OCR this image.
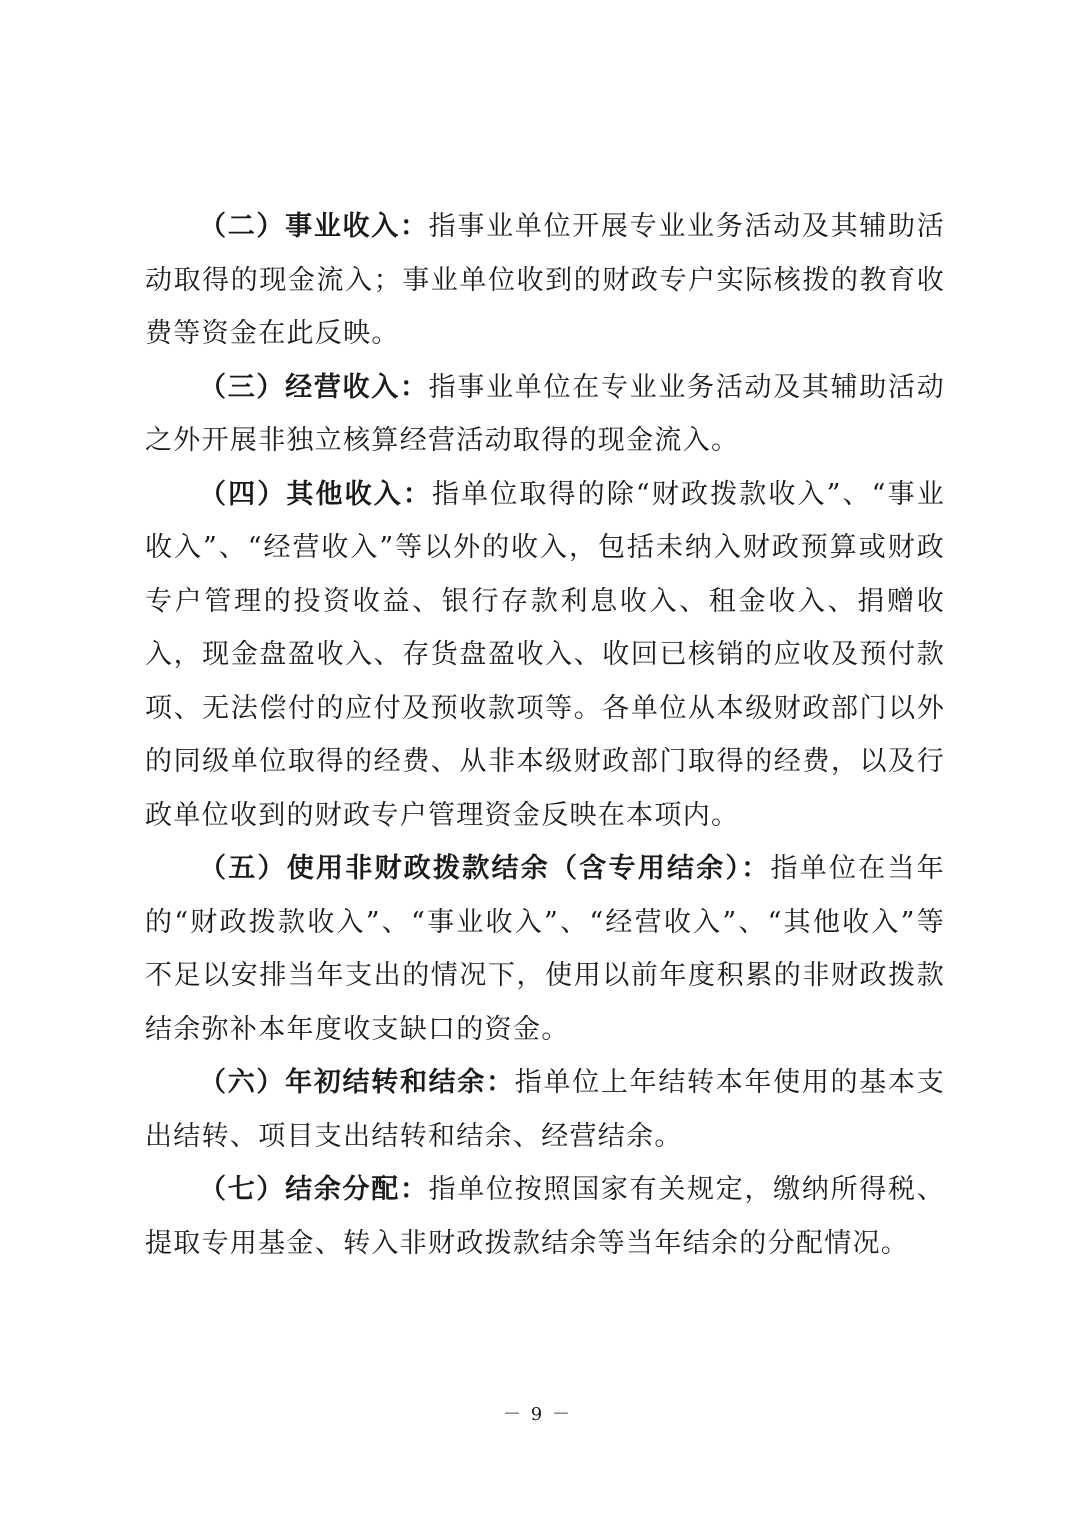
（二）事业收入：指事业单位开展专业业务活动及其辅助活动取得的现金流入；事业单位收到的财政专户实际核拨的教育收费等资金在此反映。

（三）经营收入：指事业单位在专业业务活动及其辅助活动之外开展非独立核算经营活动取得的现金流入。

（四）其他收入：指单位取得的除“财政拨款收入”、“事业收入”、“经营收入”等以外的收入，包括未纳入财政预算或财政专户管理的投资收益、银行存款利息收入、租金收入、捐赠收入，现金盘盈收入、存货盘盈收入、收回已核销的应收及预付款项、无法偿付的应付及预收款项等。各单位从本级财政部门以外的同级单位取得的经费、从非本级财政部门取得的经费，以及行政单位收到的财政专户管理资金反映在本项内。

（五）使用非财政拨款结余（含专用结余）：指单位在当年的“财政拨款收入”、“事业收入”、“经营收入”、“其他收入”等不足以安排当年支出的情况下，使用以前年度积累的非财政拨款结余弥补本年度收支缺口的资金。

（六）年初结转和结余：指单位上年结转本年使用的基本支出结转、项目支出结转和结余、经营结余。

（七）结余分配：指单位按照国家有关规定，缴纳所得税、提取专用基金、转入非财政拨款结余等当年结余的分配情况。

－ 9 －
